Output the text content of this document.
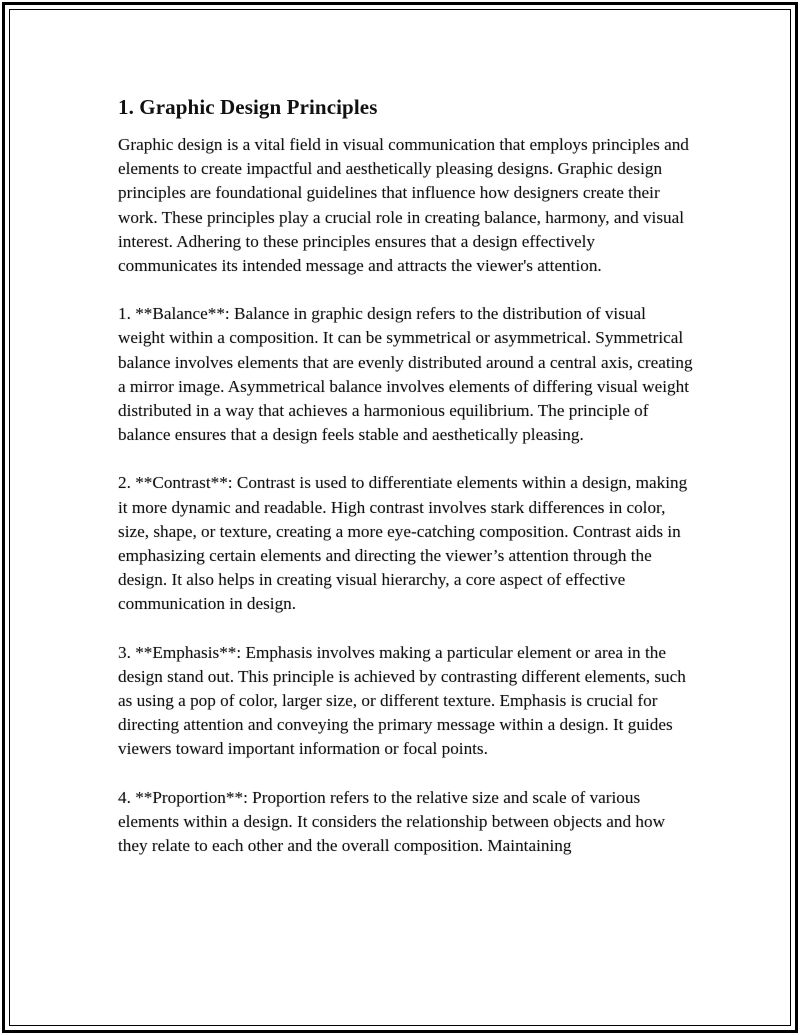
1. Graphic Design Principles

Graphic design is a vital field in visual communication that employs principles and elements to create impactful and aesthetically pleasing designs. Graphic design principles are foundational guidelines that influence how designers create their work. These principles play a crucial role in creating balance, harmony, and visual interest. Adhering to these principles ensures that a design effectively communicates its intended message and attracts the viewer's attention.

1. **Balance**: Balance in graphic design refers to the distribution of visual weight within a composition. It can be symmetrical or asymmetrical. Symmetrical balance involves elements that are evenly distributed around a central axis, creating a mirror image. Asymmetrical balance involves elements of differing visual weight distributed in a way that achieves a harmonious equilibrium. The principle of balance ensures that a design feels stable and aesthetically pleasing.

2. **Contrast**: Contrast is used to differentiate elements within a design, making it more dynamic and readable. High contrast involves stark differences in color, size, shape, or texture, creating a more eye-catching composition. Contrast aids in emphasizing certain elements and directing the viewer’s attention through the design. It also helps in creating visual hierarchy, a core aspect of effective communication in design.

3. **Emphasis**: Emphasis involves making a particular element or area in the design stand out. This principle is achieved by contrasting different elements, such as using a pop of color, larger size, or different texture. Emphasis is crucial for directing attention and conveying the primary message within a design. It guides viewers toward important information or focal points.

4. **Proportion**: Proportion refers to the relative size and scale of various elements within a design. It considers the relationship between objects and how they relate to each other and the overall composition. Maintaining
